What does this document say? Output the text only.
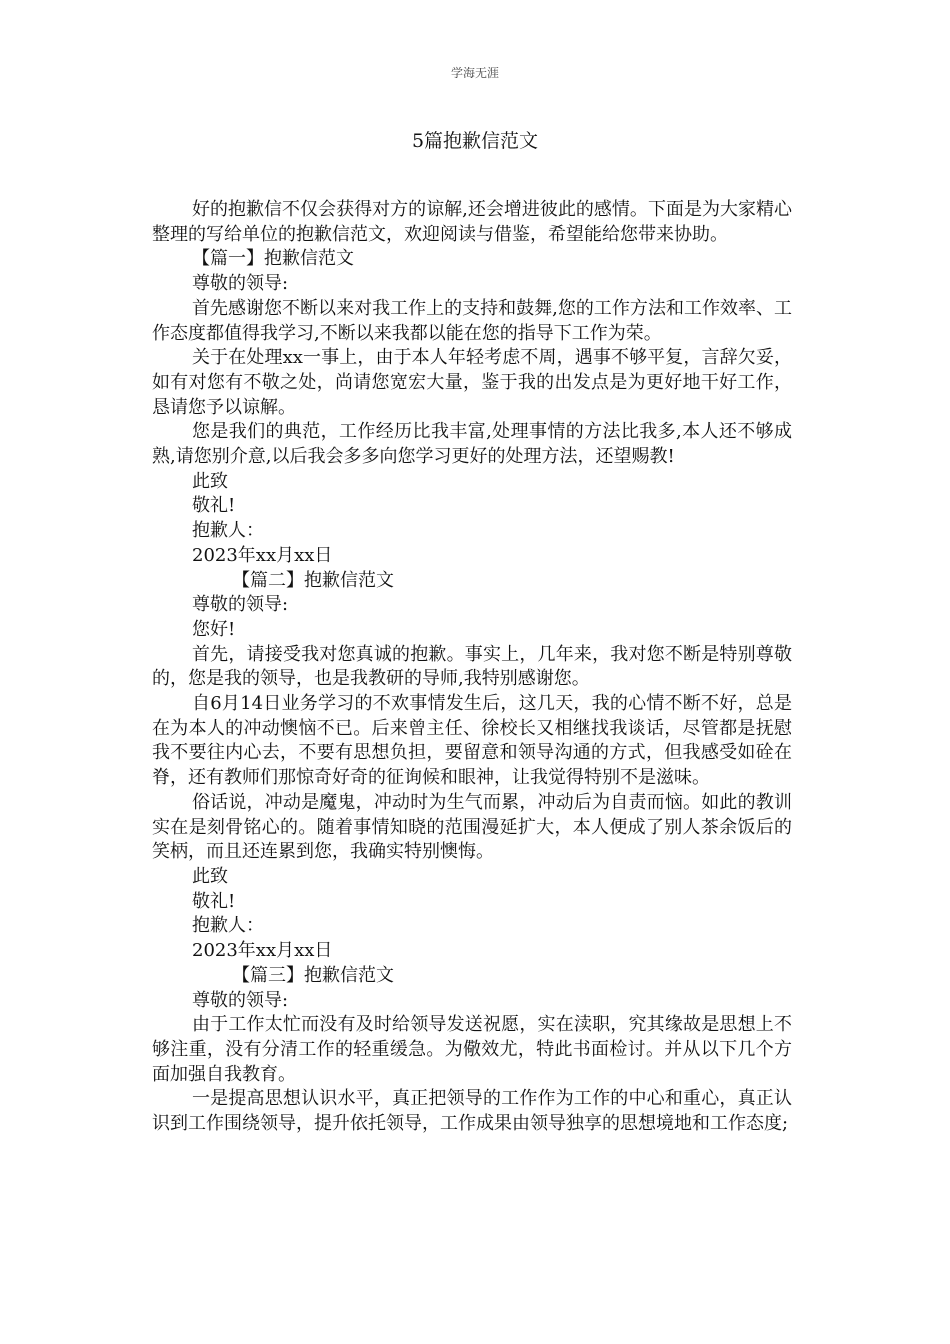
学海无涯
5篇抱歉信范文

好的抱歉信不仅会获得对方的谅解,还会增进彼此的感情。下面是为大家精心整理的写给单位的抱歉信范文，欢迎阅读与借鉴，希望能给您带来协助。

【篇一】抱歉信范文

尊敬的领导:

首先感谢您不断以来对我工作上的支持和鼓舞,您的工作方法和工作效率、工作态度都值得我学习,不断以来我都以能在您的指导下工作为荣。

关于在处理xx一事上，由于本人年轻考虑不周，遇事不够平复，言辞欠妥，如有对您有不敬之处，尚请您宽宏大量，鉴于我的出发点是为更好地干好工作，恳请您予以谅解。

您是我们的典范，工作经历比我丰富,处理事情的方法比我多,本人还不够成熟,请您别介意,以后我会多多向您学习更好的处理方法，还望赐教!

此致

敬礼!

抱歉人：

2023年xx月xx日

【篇二】抱歉信范文

尊敬的领导:

您好!

首先，请接受我对您真诚的抱歉。事实上，几年来，我对您不断是特别尊敬的，您是我的领导，也是我教研的导师,我特别感谢您。

自6月14日业务学习的不欢事情发生后，这几天，我的心情不断不好，总是在为本人的冲动懊恼不已。后来曾主任、徐校长又相继找我谈话，尽管都是抚慰我不要往内心去，不要有思想负担，要留意和领导沟通的方式，但我感受如硂在脊，还有教师们那惊奇好奇的征询候和眼神，让我觉得特别不是滋味。

俗话说，冲动是魔鬼，冲动时为生气而累，冲动后为自责而恼。如此的教训实在是刻骨铭心的。随着事情知晓的范围漫延扩大，本人便成了别人茶余饭后的笑柄，而且还连累到您，我确实特别懊悔。

此致

敬礼!

抱歉人：

2023年xx月xx日

【篇三】抱歉信范文

尊敬的领导:

由于工作太忙而没有及时给领导发送祝愿，实在渎职，究其缘故是思想上不够注重，没有分清工作的轻重缓急。为儆效尤，特此书面检讨。并从以下几个方面加强自我教育。

一是提高思想认识水平，真正把领导的工作作为工作的中心和重心，真正认识到工作围绕领导，提升依托领导，工作成果由领导独享的思想境地和工作态度;
